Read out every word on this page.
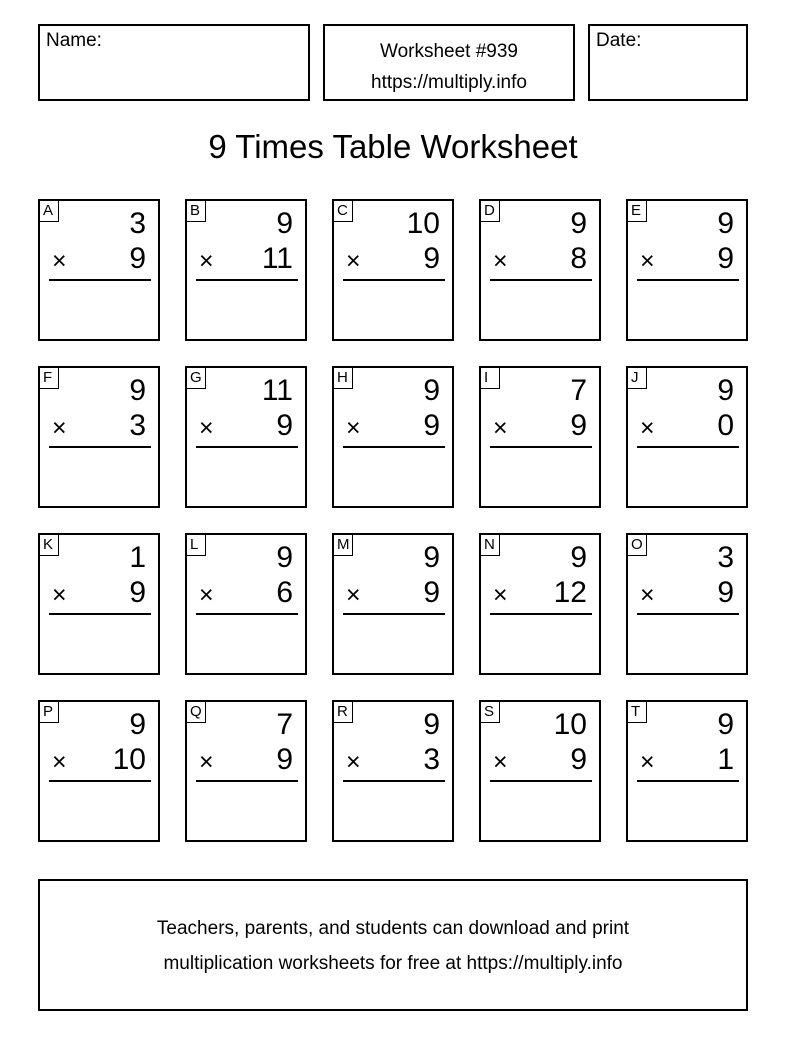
Name:
Worksheet #939
https://multiply.info
Date:
9 Times Table Worksheet
A	3
× 9
B	9
× 11
C 10
× 9
D	9
× 8
E	9
× 9
F	9
× 3
G 11
× 9
H	9
× 9
I	7
× 9
J	9
× 0
K	1
× 9
L	9
× 6
M 9
× 9
N	9
× 12
O 3
× 9
P	9
× 10
Q 7
× 9
R	9
× 3
S 10
× 9
T	9
× 1
Teachers, parents, and students can download and print
multiplication worksheets for free at https://multiply.info
